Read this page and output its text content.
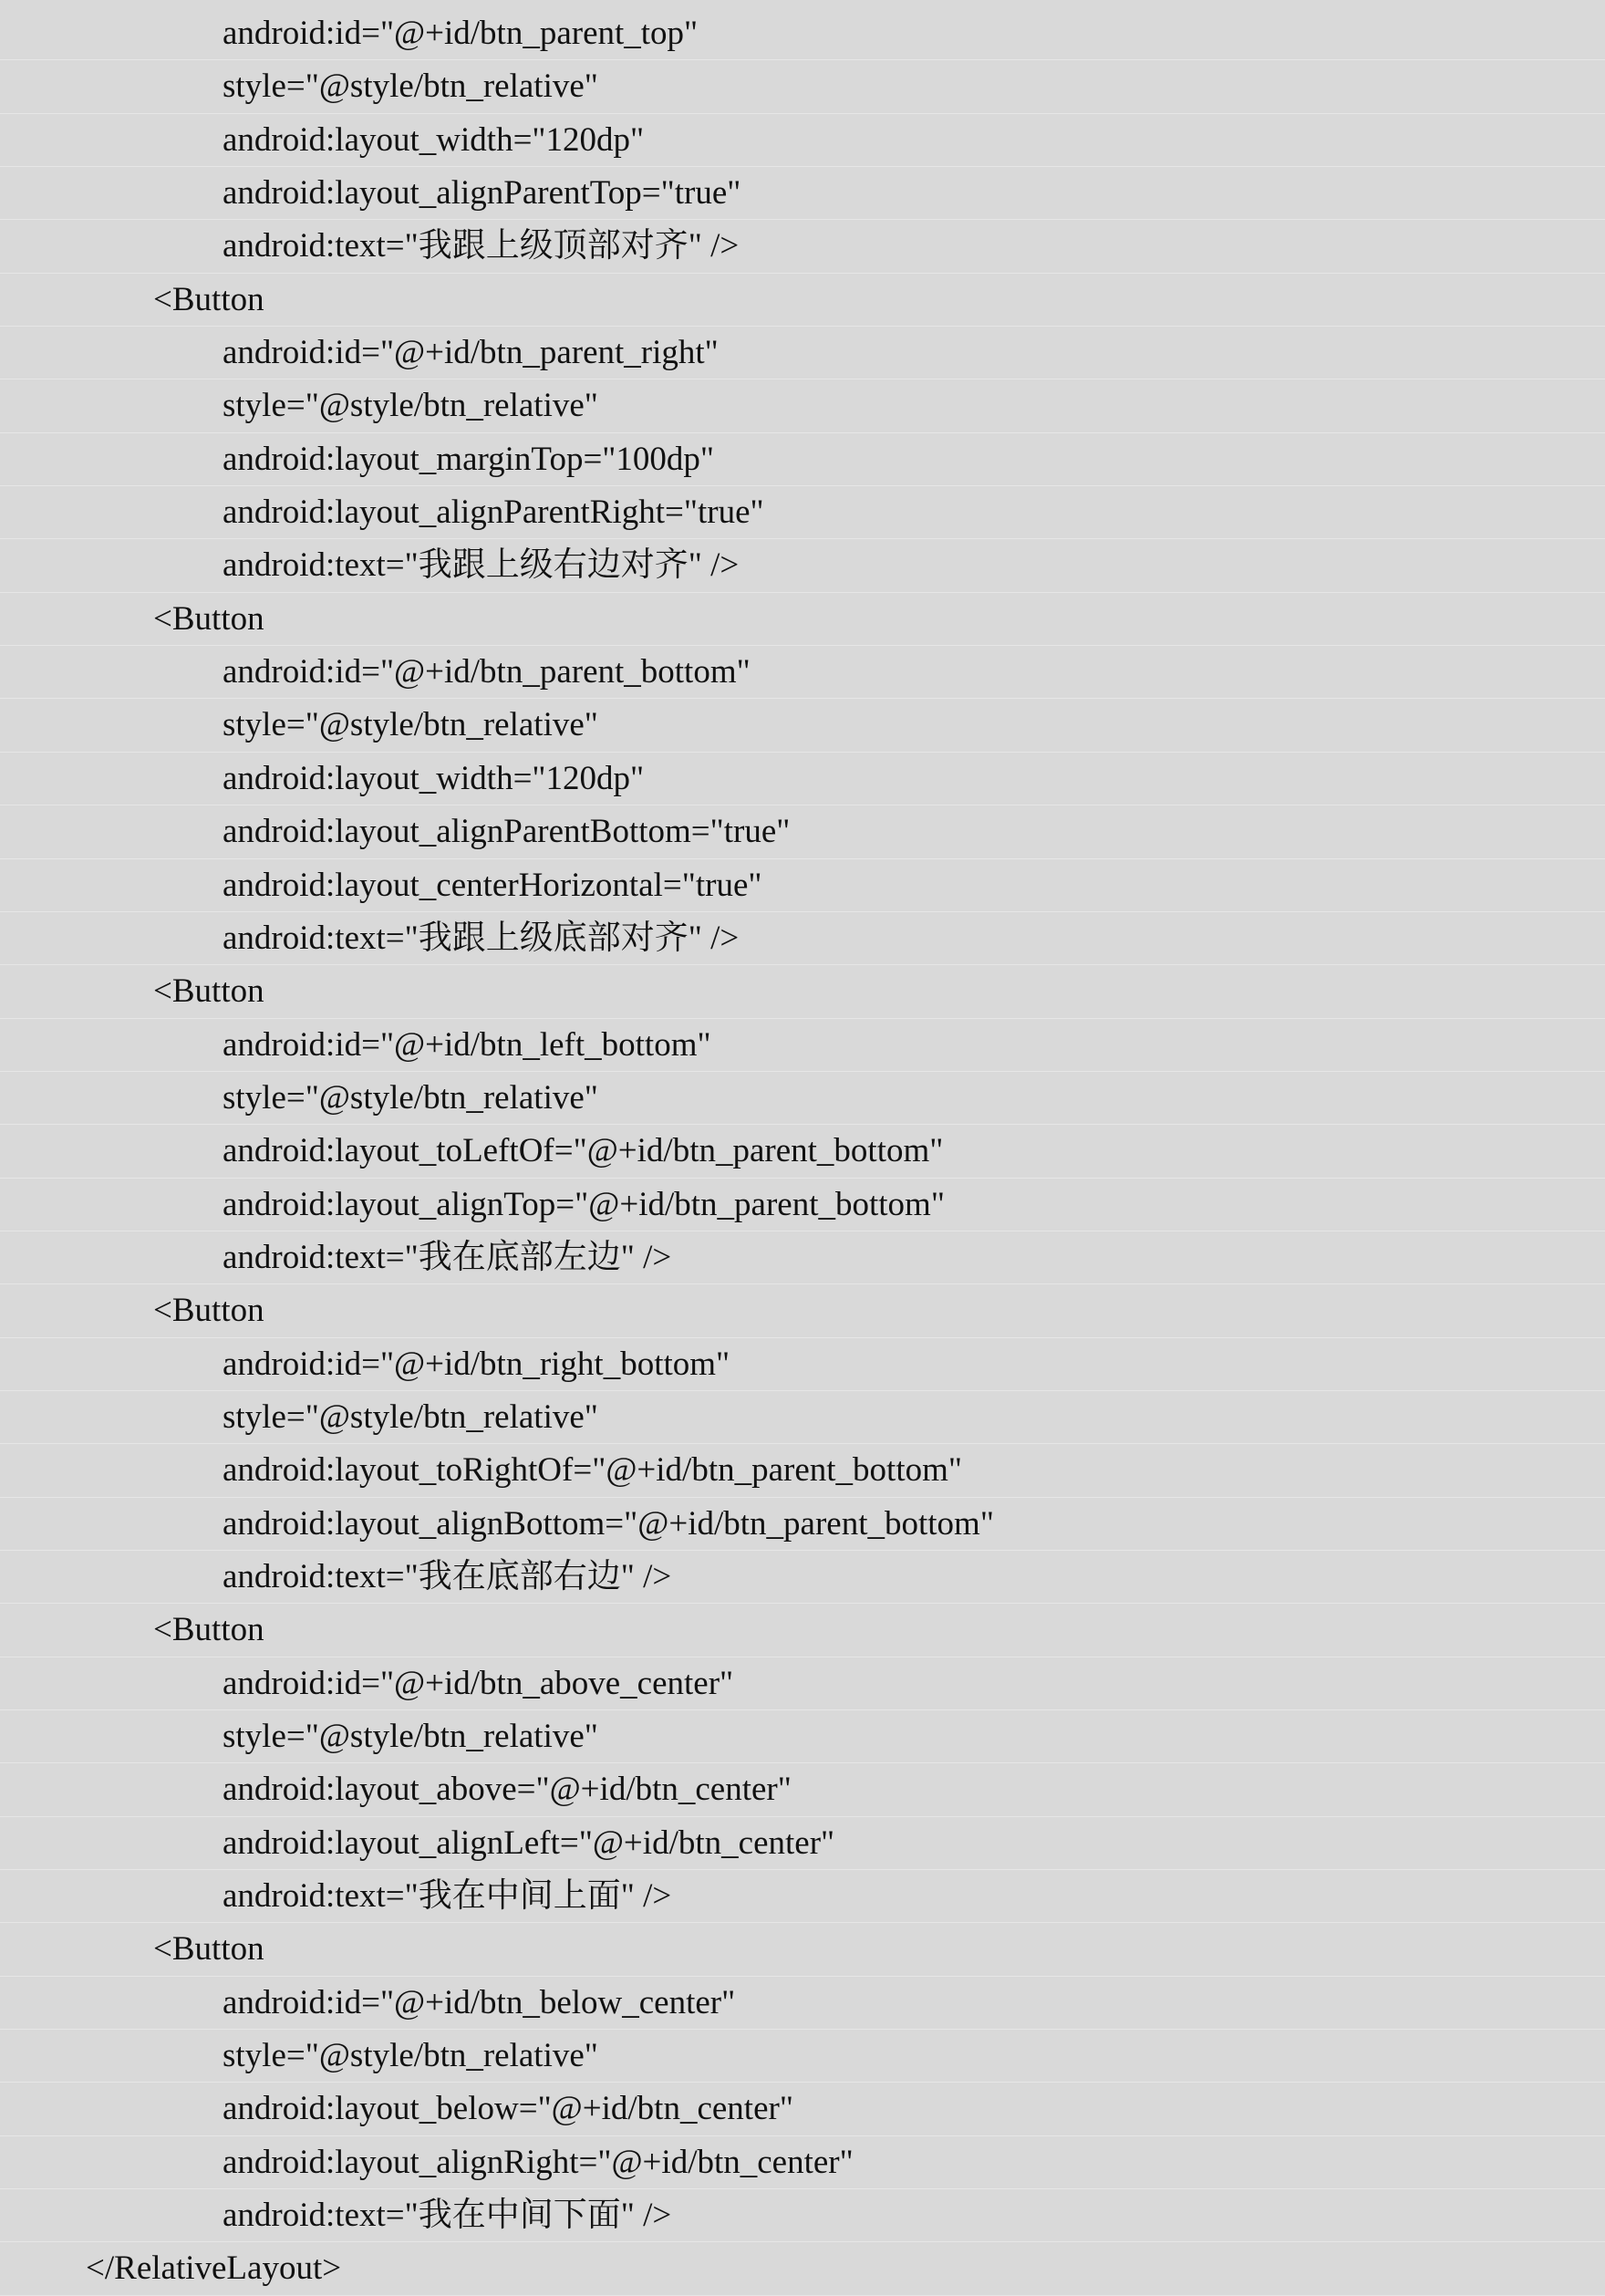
android:id="@+id/btn_parent_top"
style="@style/btn_relative"
android:layout_width="120dp"
android:layout_alignParentTop="true"
android:text="我跟上级顶部对齐" />
<Button
android:id="@+id/btn_parent_right"
style="@style/btn_relative"
android:layout_marginTop="100dp"
android:layout_alignParentRight="true"
android:text="我跟上级右边对齐" />
<Button
android:id="@+id/btn_parent_bottom"
style="@style/btn_relative"
android:layout_width="120dp"
android:layout_alignParentBottom="true"
android:layout_centerHorizontal="true"
android:text="我跟上级底部对齐" />
<Button
android:id="@+id/btn_left_bottom"
style="@style/btn_relative"
android:layout_toLeftOf="@+id/btn_parent_bottom"
android:layout_alignTop="@+id/btn_parent_bottom"
android:text="我在底部左边" />
<Button
android:id="@+id/btn_right_bottom"
style="@style/btn_relative"
android:layout_toRightOf="@+id/btn_parent_bottom"
android:layout_alignBottom="@+id/btn_parent_bottom"
android:text="我在底部右边" />
<Button
android:id="@+id/btn_above_center"
style="@style/btn_relative"
android:layout_above="@+id/btn_center"
android:layout_alignLeft="@+id/btn_center"
android:text="我在中间上面" />
<Button
android:id="@+id/btn_below_center"
style="@style/btn_relative"
android:layout_below="@+id/btn_center"
android:layout_alignRight="@+id/btn_center"
android:text="我在中间下面" />
</RelativeLayout>
